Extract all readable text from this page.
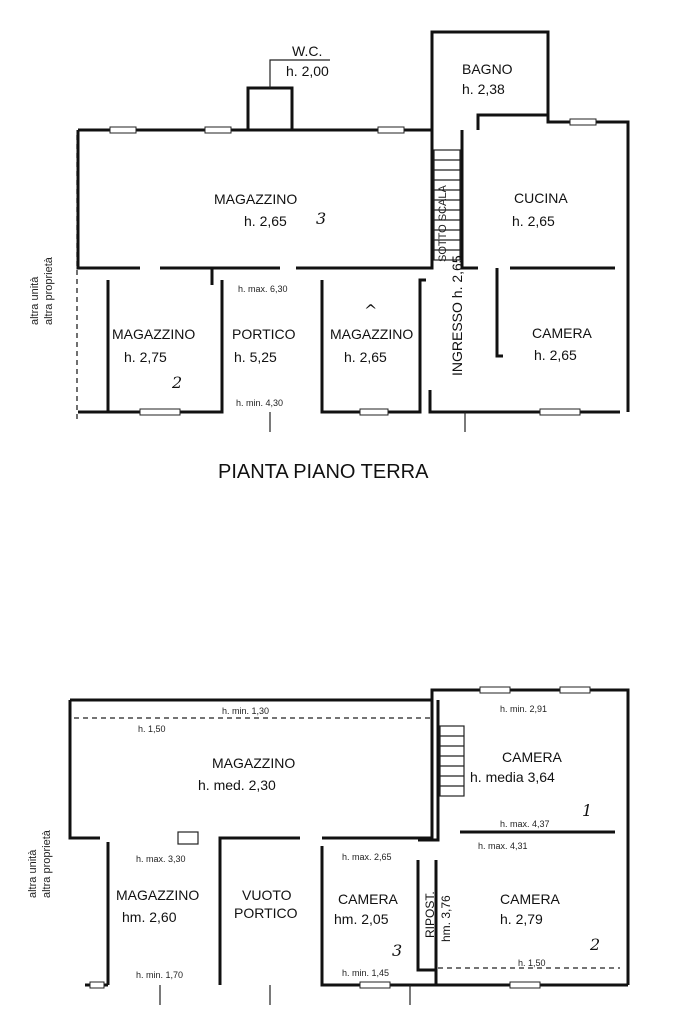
W.C.
h. 2,00	BAGNO
h. 2,38
MAGAZZINO
h. 2,65 3	SOTTO SCALA	CUCINA
h. 2,65
MAGAZZINO
h. 2,75
2
PORTICO
h. 5,25
h. max. 6,30
h. min. 4,30
MAGAZZINO
h. 2,65
^	INGRESSO h. 2,65	CAMERA
h. 2,65
altra unità altra proprietà
PIANTA PIANO TERRA
h. min. 1,30
h. 1,50
MAGAZZINO
h. med. 2,30
h. max. 3,30
h. min. 2,91
CAMERA
h. media 3,64
1
h. max. 4,37
h. max. 4,31
MAGAZZINO
hm. 2,60
h. min. 1,70
VUOTO
PORTICO
h. max. 2,65
CAMERA
hm. 2,05
3
h. min. 1,45
RIPOST. hm. 3,76	CAMERA
h. 2,79
2
h. 1,50
altra unità altra proprietà
